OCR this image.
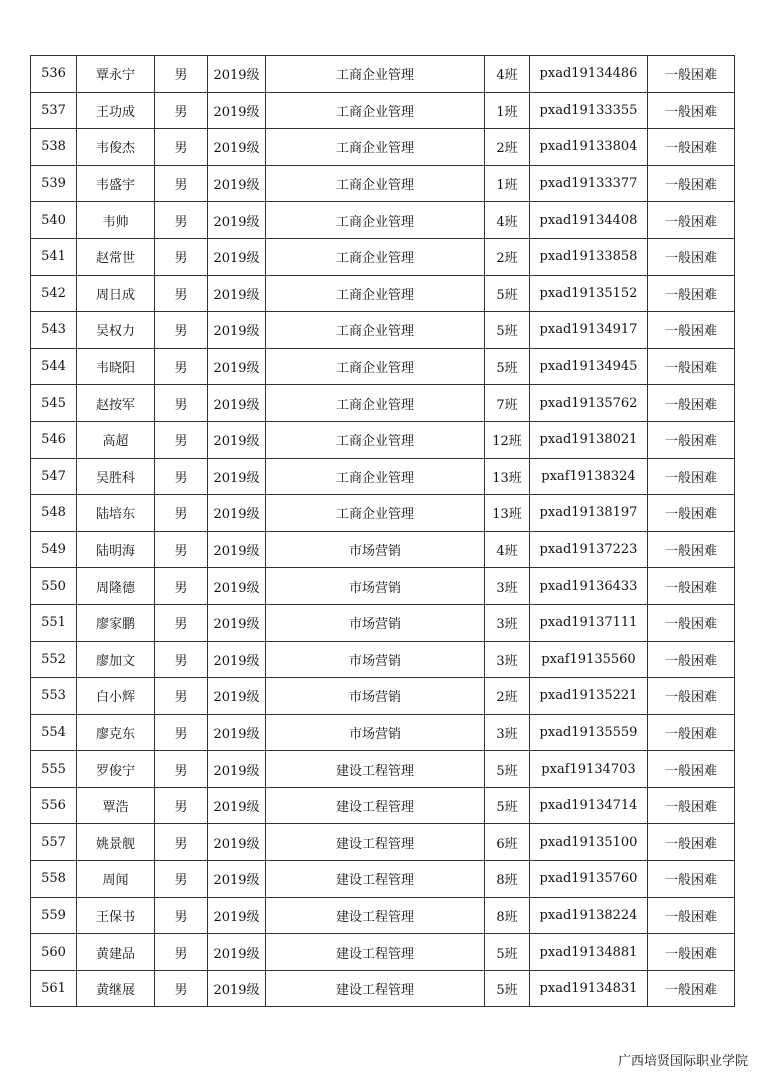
536	覃永宁	男	2019级	工商企业管理	4班	pxad19134486	一般困难
537	王功成	男	2019级	工商企业管理	1班	pxad19133355	一般困难
538	韦俊杰	男	2019级	工商企业管理	2班	pxad19133804	一般困难
539	韦盛宇	男	2019级	工商企业管理	1班	pxad19133377	一般困难
540	韦帅	男	2019级	工商企业管理	4班	pxad19134408	一般困难
541	赵常世	男	2019级	工商企业管理	2班	pxad19133858	一般困难
542	周日成	男	2019级	工商企业管理	5班	pxad19135152	一般困难
543	吴权力	男	2019级	工商企业管理	5班	pxad19134917	一般困难
544	韦晓阳	男	2019级	工商企业管理	5班	pxad19134945	一般困难
545	赵按军	男	2019级	工商企业管理	7班	pxad19135762	一般困难
546	高超	男	2019级	工商企业管理	12班	pxad19138021	一般困难
547	吴胜科	男	2019级	工商企业管理	13班	pxaf19138324	一般困难
548	陆培东	男	2019级	工商企业管理	13班	pxad19138197	一般困难
549	陆明海	男	2019级	市场营销	4班	pxad19137223	一般困难
550	周隆德	男	2019级	市场营销	3班	pxad19136433	一般困难
551	廖家鹏	男	2019级	市场营销	3班	pxad19137111	一般困难
552	廖加文	男	2019级	市场营销	3班	pxaf19135560	一般困难
553	白小辉	男	2019级	市场营销	2班	pxad19135221	一般困难
554	廖克东	男	2019级	市场营销	3班	pxad19135559	一般困难
555	罗俊宁	男	2019级	建设工程管理	5班	pxaf19134703	一般困难
556	覃浩	男	2019级	建设工程管理	5班	pxad19134714	一般困难
557	姚景舰	男	2019级	建设工程管理	6班	pxad19135100	一般困难
558	周闻	男	2019级	建设工程管理	8班	pxad19135760	一般困难
559	王保书	男	2019级	建设工程管理	8班	pxad19138224	一般困难
560	黄建品	男	2019级	建设工程管理	5班	pxad19134881	一般困难
561	黄继展	男	2019级	建设工程管理	5班	pxad19134831	一般困难
广西培贤国际职业学院
